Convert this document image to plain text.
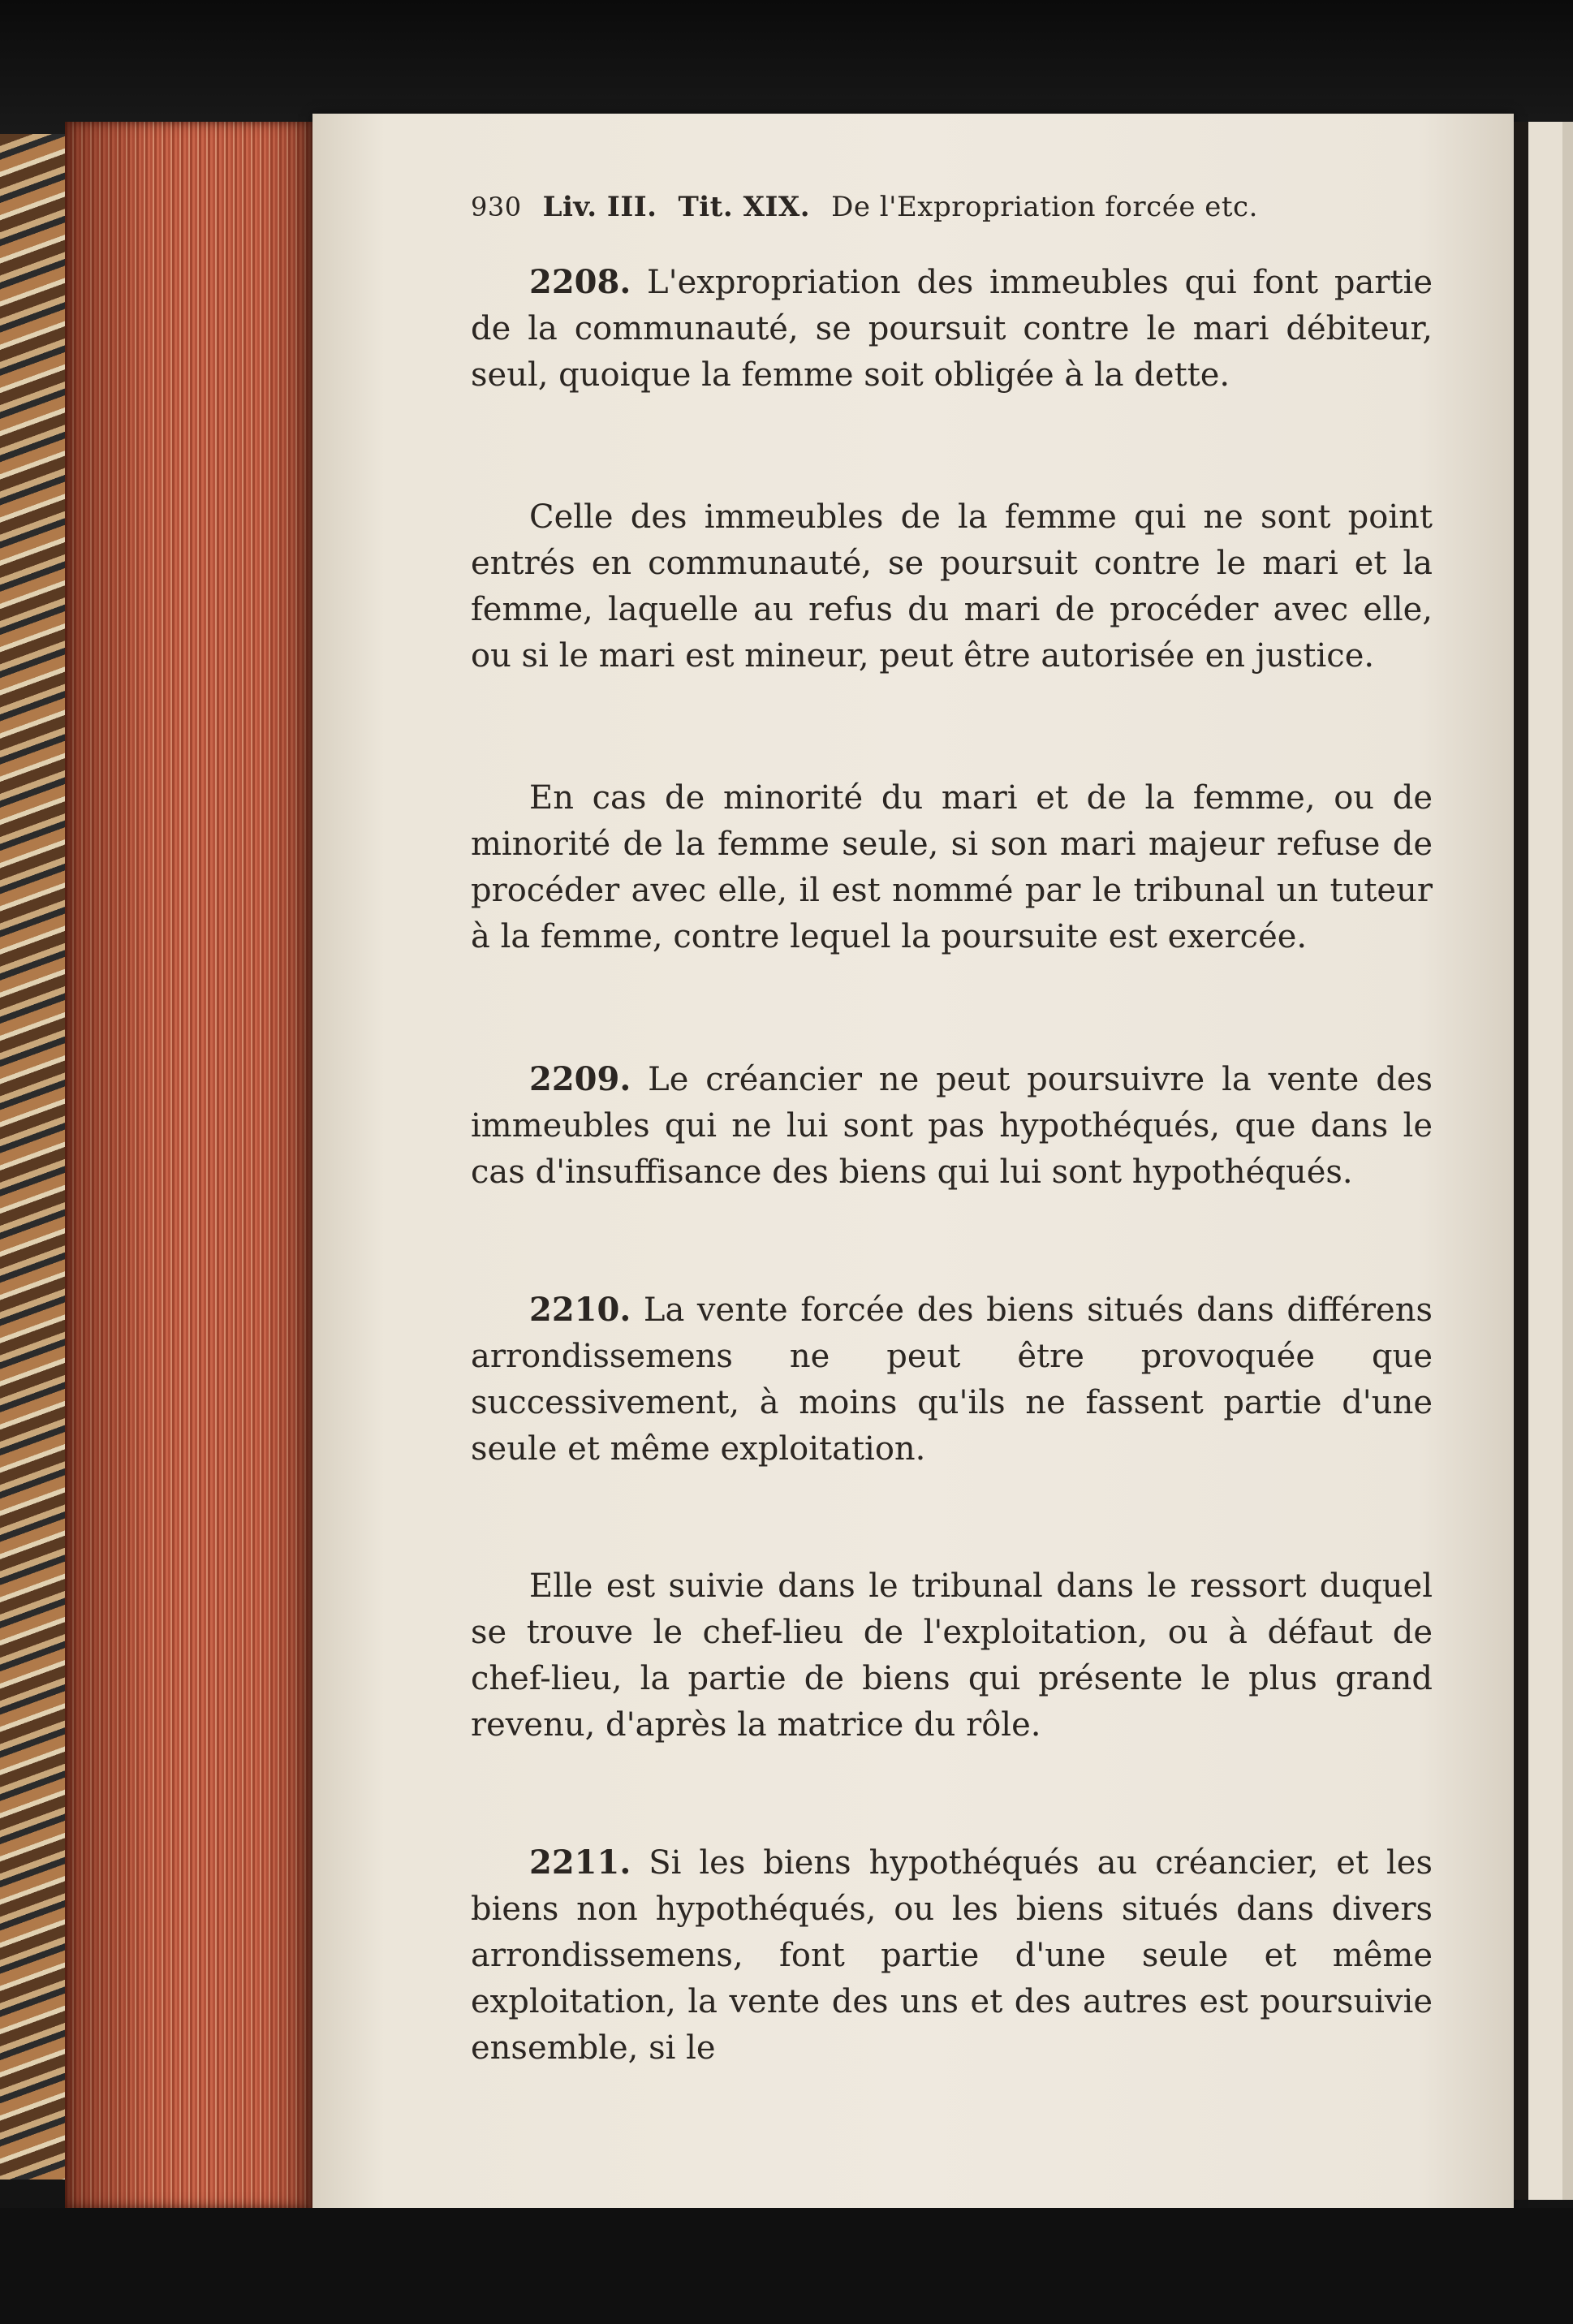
930 Liv. III. Tit. XIX. De l'Expropriation forcée etc.

2208. L'expropriation des immeubles qui font partie de la communauté, se poursuit contre le mari débiteur, seul, quoique la femme soit obligée à la dette.

Celle des immeubles de la femme qui ne sont point entrés en communauté, se poursuit contre le mari et la femme, laquelle au refus du mari de procéder avec elle, ou si le mari est mineur, peut être autorisée en justice.

En cas de minorité du mari et de la femme, ou de minorité de la femme seule, si son mari majeur refuse de procéder avec elle, il est nommé par le tribunal un tuteur à la femme, contre lequel la poursuite est exercée.

2209. Le créancier ne peut poursuivre la vente des immeubles qui ne lui sont pas hypothéqués, que dans le cas d'insuffisance des biens qui lui sont hypothéqués.

2210. La vente forcée des biens situés dans différens arrondissemens ne peut être provoquée que successivement, à moins qu'ils ne fassent partie d'une seule et même exploitation.

Elle est suivie dans le tribunal dans le ressort duquel se trouve le chef-lieu de l'exploitation, ou à défaut de chef-lieu, la partie de biens qui présente le plus grand revenu, d'après la matrice du rôle.

2211. Si les biens hypothéqués au créancier, et les biens non hypothéqués, ou les biens situés dans divers arrondissemens, font partie d'une seule et même exploitation, la vente des uns et des autres est poursuivie ensemble, si le
